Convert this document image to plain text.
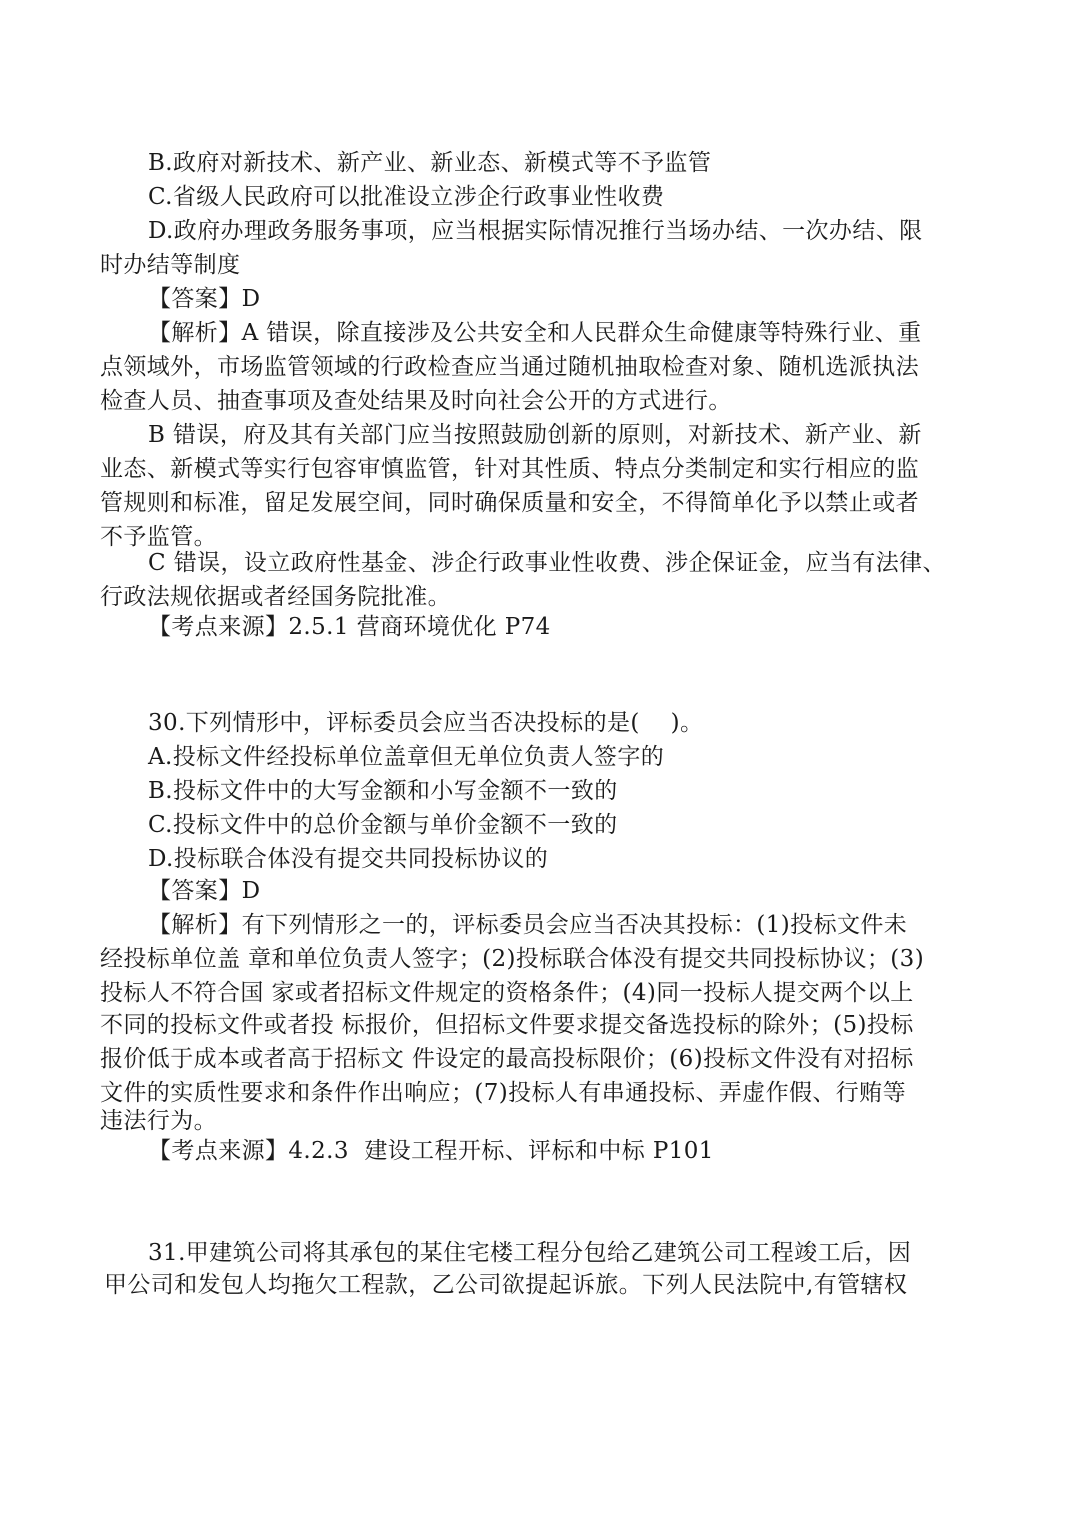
B.政府对新技术、新产业、新业态、新模式等不予监管
C.省级人民政府可以批准设立涉企行政事业性收费
D.政府办理政务服务事项，应当根据实际情况推行当场办结、一次办结、限
时办结等制度
【答案】D
【解析】A 错误，除直接涉及公共安全和人民群众生命健康等特殊行业、重
点领域外，市场监管领域的行政检查应当通过随机抽取检查对象、随机选派执法
检查人员、抽查事项及查处结果及时向社会公开的方式进行。
B 错误，府及其有关部门应当按照鼓励创新的原则，对新技术、新产业、新
业态、新模式等实行包容审慎监管，针对其性质、特点分类制定和实行相应的监
管规则和标准，留足发展空间，同时确保质量和安全，不得简单化予以禁止或者
不予监管。
C 错误，设立政府性基金、涉企行政事业性收费、涉企保证金，应当有法律、
行政法规依据或者经国务院批准。
【考点来源】2.5.1 营商环境优化 P74
30.下列情形中，评标委员会应当否决投标的是(    )。
A.投标文件经投标单位盖章但无单位负责人签字的
B.投标文件中的大写金额和小写金额不一致的
C.投标文件中的总价金额与单价金额不一致的
D.投标联合体没有提交共同投标协议的
【答案】D
【解析】有下列情形之一的，评标委员会应当否决其投标：(1)投标文件未
经投标单位盖 章和单位负责人签字；(2)投标联合体没有提交共同投标协议；(3)
投标人不符合国 家或者招标文件规定的资格条件；(4)同一投标人提交两个以上
不同的投标文件或者投 标报价，但招标文件要求提交备选投标的除外；(5)投标
报价低于成本或者高于招标文 件设定的最高投标限价；(6)投标文件没有对招标
文件的实质性要求和条件作出响应；(7)投标人有串通投标、弄虚作假、行贿等
违法行为。
【考点来源】4.2.3  建设工程开标、评标和中标 P101
31.甲建筑公司将其承包的某住宅楼工程分包给乙建筑公司工程竣工后，因
甲公司和发包人均拖欠工程款，乙公司欲提起诉旅。下列人民法院中,有管辖权
